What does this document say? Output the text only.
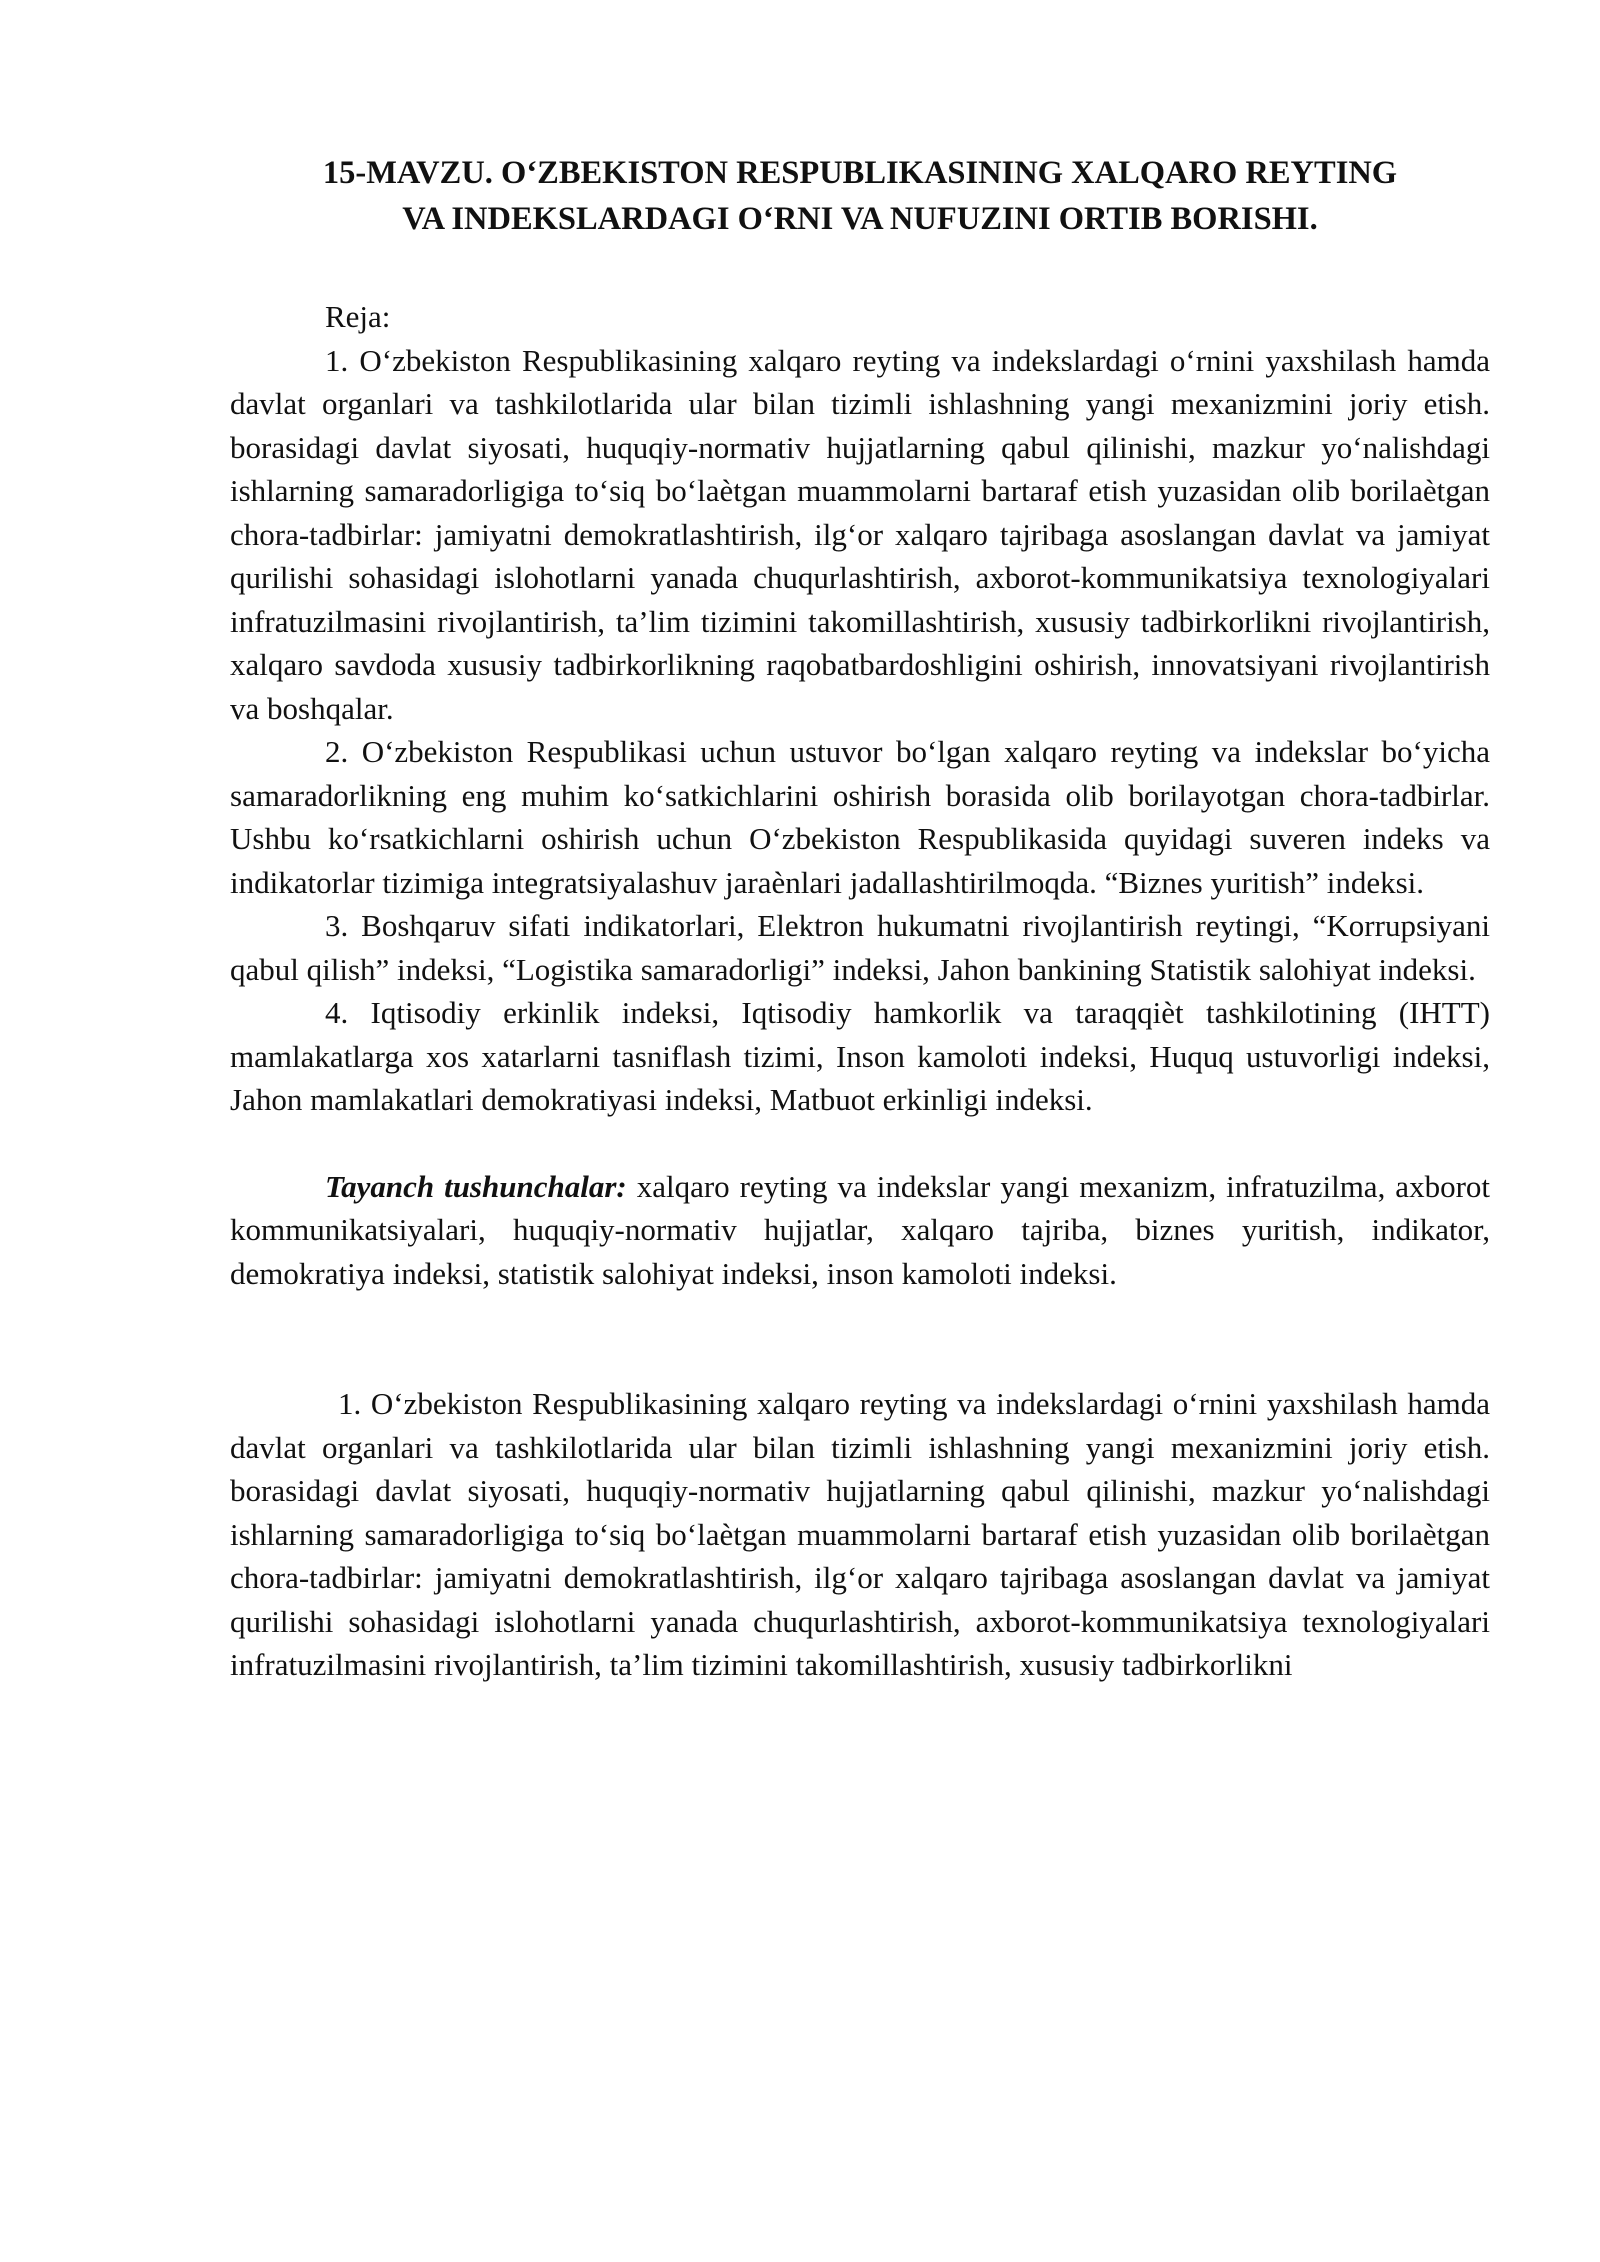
15-MAVZU. O‘ZBEKISTON RESPUBLIKASINING XALQARO REYTING
VA INDEKSLARDAGI O‘RNI VA NUFUZINI ORTIB BORISHI.

Reja:

1. O‘zbekiston Respublikasining xalqaro reyting va indekslardagi o‘rnini yaxshilash hamda davlat organlari va tashkilotlarida ular bilan tizimli ishlashning yangi mexanizmini joriy etish. borasidagi davlat siyosati, huquqiy-normativ hujjatlarning qabul qilinishi, mazkur yo‘nalishdagi ishlarning samaradorligiga to‘siq bo‘laètgan muammolarni bartaraf etish yuzasidan olib borilaètgan chora-tadbirlar: jamiyatni demokratlashtirish, ilg‘or xalqaro tajribaga asoslangan davlat va jamiyat qurilishi sohasidagi islohotlarni yanada chuqurlashtirish, axborot-kommunikatsiya texnologiyalari infratuzilmasini rivojlantirish, ta’lim tizimini takomillashtirish, xususiy tadbirkorlikni rivojlantirish, xalqaro savdoda xususiy tadbirkorlikning raqobatbardoshligini oshirish, innovatsiyani rivojlantirish va boshqalar.

2. O‘zbekiston Respublikasi uchun ustuvor bo‘lgan xalqaro reyting va indekslar bo‘yicha samaradorlikning eng muhim ko‘satkichlarini oshirish borasida olib borilayotgan chora-tadbirlar. Ushbu ko‘rsatkichlarni oshirish uchun O‘zbekiston Respublikasida quyidagi suveren indeks va indikatorlar tizimiga integratsiyalashuv jaraènlari jadallashtirilmoqda. “Biznes yuritish” indeksi.

3. Boshqaruv sifati indikatorlari, Elektron hukumatni rivojlantirish reytingi, “Korrupsiyani qabul qilish” indeksi, “Logistika samaradorligi” indeksi, Jahon bankining Statistik salohiyat indeksi.

4. Iqtisodiy erkinlik indeksi, Iqtisodiy hamkorlik va taraqqièt tashkilotining (IHTT) mamlakatlarga xos xatarlarni tasniflash tizimi, Inson kamoloti indeksi, Huquq ustuvorligi indeksi, Jahon mamlakatlari demokratiyasi indeksi, Matbuot erkinligi indeksi.

Tayanch tushunchalar: xalqaro reyting va indekslar yangi mexanizm, infratuzilma, axborot kommunikatsiyalari, huquqiy-normativ hujjatlar, xalqaro tajriba, biznes yuritish, indikator, demokratiya indeksi, statistik salohiyat indeksi, inson kamoloti indeksi.

1. O‘zbekiston Respublikasining xalqaro reyting va indekslardagi o‘rnini yaxshilash hamda davlat organlari va tashkilotlarida ular bilan tizimli ishlashning yangi mexanizmini joriy etish. borasidagi davlat siyosati, huquqiy-normativ hujjatlarning qabul qilinishi, mazkur yo‘nalishdagi ishlarning samaradorligiga to‘siq bo‘laètgan muammolarni bartaraf etish yuzasidan olib borilaètgan chora-tadbirlar: jamiyatni demokratlashtirish, ilg‘or xalqaro tajribaga asoslangan davlat va jamiyat qurilishi sohasidagi islohotlarni yanada chuqurlashtirish, axborot-kommunikatsiya texnologiyalari infratuzilmasini rivojlantirish, ta’lim tizimini takomillashtirish, xususiy tadbirkorlikni
